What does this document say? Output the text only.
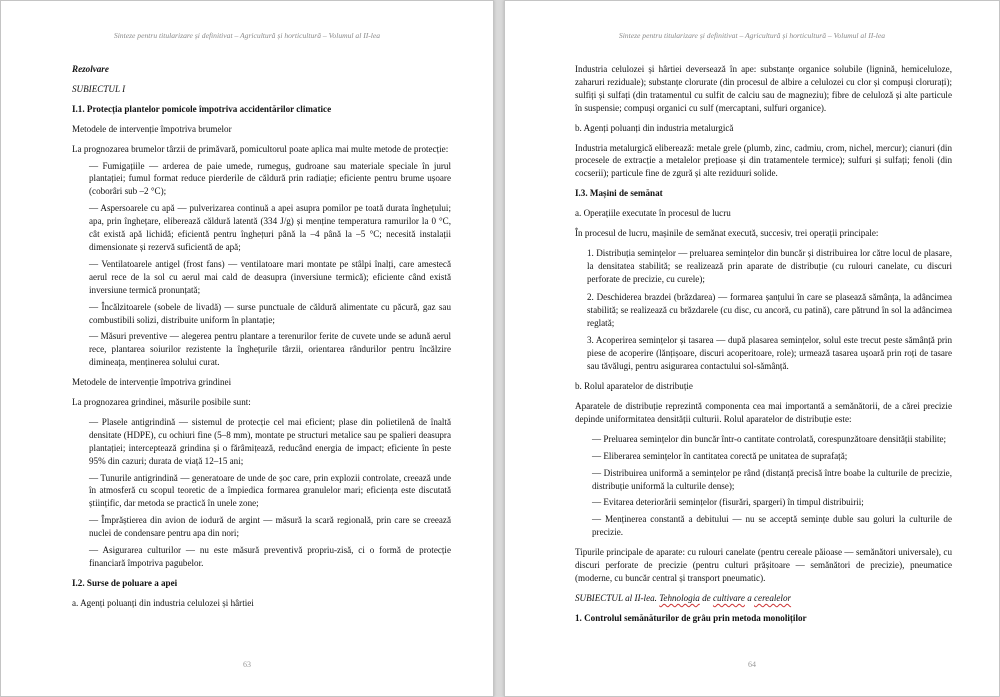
Sinteze pentru titularizare și definitivat – Agricultură și horticultură – Volumul al II-lea

Rezolvare

SUBIECTUL I

I.1. Protecția plantelor pomicole împotriva accidentărilor climatice

Metodele de intervenție împotriva brumelor

La prognozarea brumelor târzii de primăvară, pomicultorul poate aplica mai multe metode de protecție:

— Fumigațiile — arderea de paie umede, rumeguș, gudroane sau materiale speciale în jurul plantației; fumul format reduce pierderile de căldură prin radiație; eficiente pentru brume ușoare (coborâri sub –2 °C);

— Aspersoarele cu apă — pulverizarea continuă a apei asupra pomilor pe toată durata înghețului; apa, prin înghețare, eliberează căldură latentă (334 J/g) și menține temperatura ramurilor la 0 °C, cât există apă lichidă; eficientă pentru înghețuri până la –4 până la –5 °C; necesită instalații dimensionate și rezervă suficientă de apă;

— Ventilatoarele antigel (frost fans) — ventilatoare mari montate pe stâlpi înalți, care amestecă aerul rece de la sol cu aerul mai cald de deasupra (inversiune termică); eficiente când există inversiune termică pronunțată;

— Încălzitoarele (sobele de livadă) — surse punctuale de căldură alimentate cu păcură, gaz sau combustibili solizi, distribuite uniform în plantație;

— Măsuri preventive — alegerea pentru plantare a terenurilor ferite de cuvete unde se adună aerul rece, plantarea soiurilor rezistente la înghețurile târzii, orientarea rândurilor pentru încălzire dimineața, menținerea solului curat.

Metodele de intervenție împotriva grindinei

La prognozarea grindinei, măsurile posibile sunt:

— Plasele antigrindină — sistemul de protecție cel mai eficient; plase din polietilenă de înaltă densitate (HDPE), cu ochiuri fine (5–8 mm), montate pe structuri metalice sau pe spalieri deasupra plantației; interceptează grindina și o fărâmițează, reducând energia de impact; eficiente în peste 95% din cazuri; durata de viață 12–15 ani;

— Tunurile antigrindină — generatoare de unde de șoc care, prin explozii controlate, creează unde în atmosferă cu scopul teoretic de a împiedica formarea granulelor mari; eficiența este discutată științific, dar metoda se practică în unele zone;

— Împrăștierea din avion de iodură de argint — măsură la scară regională, prin care se creează nuclei de condensare pentru apa din nori;

— Asigurarea culturilor — nu este măsură preventivă propriu-zisă, ci o formă de protecție financiară împotriva pagubelor.

I.2. Surse de poluare a apei

a. Agenți poluanți din industria celulozei și hârtiei

63
Sinteze pentru titularizare și definitivat – Agricultură și horticultură – Volumul al II-lea

Industria celulozei și hârtiei deversează în ape: substanțe organice solubile (lignină, hemiceluloze, zaharuri reziduale); substanțe clorurate (din procesul de albire a celulozei cu clor și compuși clorurați); sulfiți și sulfați (din tratamentul cu sulfit de calciu sau de magneziu); fibre de celuloză și alte particule în suspensie; compuși organici cu sulf (mercaptani, sulfuri organice).

b. Agenți poluanți din industria metalurgică

Industria metalurgică eliberează: metale grele (plumb, zinc, cadmiu, crom, nichel, mercur); cianuri (din procesele de extracție a metalelor prețioase și din tratamentele termice); sulfuri și sulfați; fenoli (din cocserii); particule fine de zgură și alte reziduuri solide.

I.3. Mașini de semănat

a. Operațiile executate în procesul de lucru

În procesul de lucru, mașinile de semănat execută, succesiv, trei operații principale:

1. Distribuția semințelor — preluarea semințelor din buncăr și distribuirea lor către locul de plasare, la densitatea stabilită; se realizează prin aparate de distribuție (cu rulouri canelate, cu discuri perforate de precizie, cu curele);

2. Deschiderea brazdei (brăzdarea) — formarea șanțului în care se plasează sămânța, la adâncimea stabilită; se realizează cu brăzdarele (cu disc, cu ancoră, cu patină), care pătrund în sol la adâncimea reglată;

3. Acoperirea semințelor și tasarea — după plasarea semințelor, solul este trecut peste sămânță prin piese de acoperire (lănțișoare, discuri acoperitoare, role); urmează tasarea ușoară prin roți de tasare sau tăvălugi, pentru asigurarea contactului sol-sămânță.

b. Rolul aparatelor de distribuție

Aparatele de distribuție reprezintă componenta cea mai importantă a semănătorii, de a cărei precizie depinde uniformitatea densității culturii. Rolul aparatelor de distribuție este:

— Preluarea semințelor din buncăr într-o cantitate controlată, corespunzătoare densității stabilite;

— Eliberarea semințelor în cantitatea corectă pe unitatea de suprafață;

— Distribuirea uniformă a semințelor pe rând (distanță precisă între boabe la culturile de precizie, distribuție uniformă la culturile dense);

— Evitarea deteriorării semințelor (fisurări, spargeri) în timpul distribuirii;

— Menținerea constantă a debitului — nu se acceptă semințe duble sau goluri la culturile de precizie.

Tipurile principale de aparate: cu rulouri canelate (pentru cereale păioase — semănători universale), cu discuri perforate de precizie (pentru culturi prășitoare — semănători de precizie), pneumatice (moderne, cu buncăr central și transport pneumatic).

SUBIECTUL al II-lea. Tehnologia de cultivare a cerealelor

1. Controlul semănăturilor de grâu prin metoda monoliților

64
